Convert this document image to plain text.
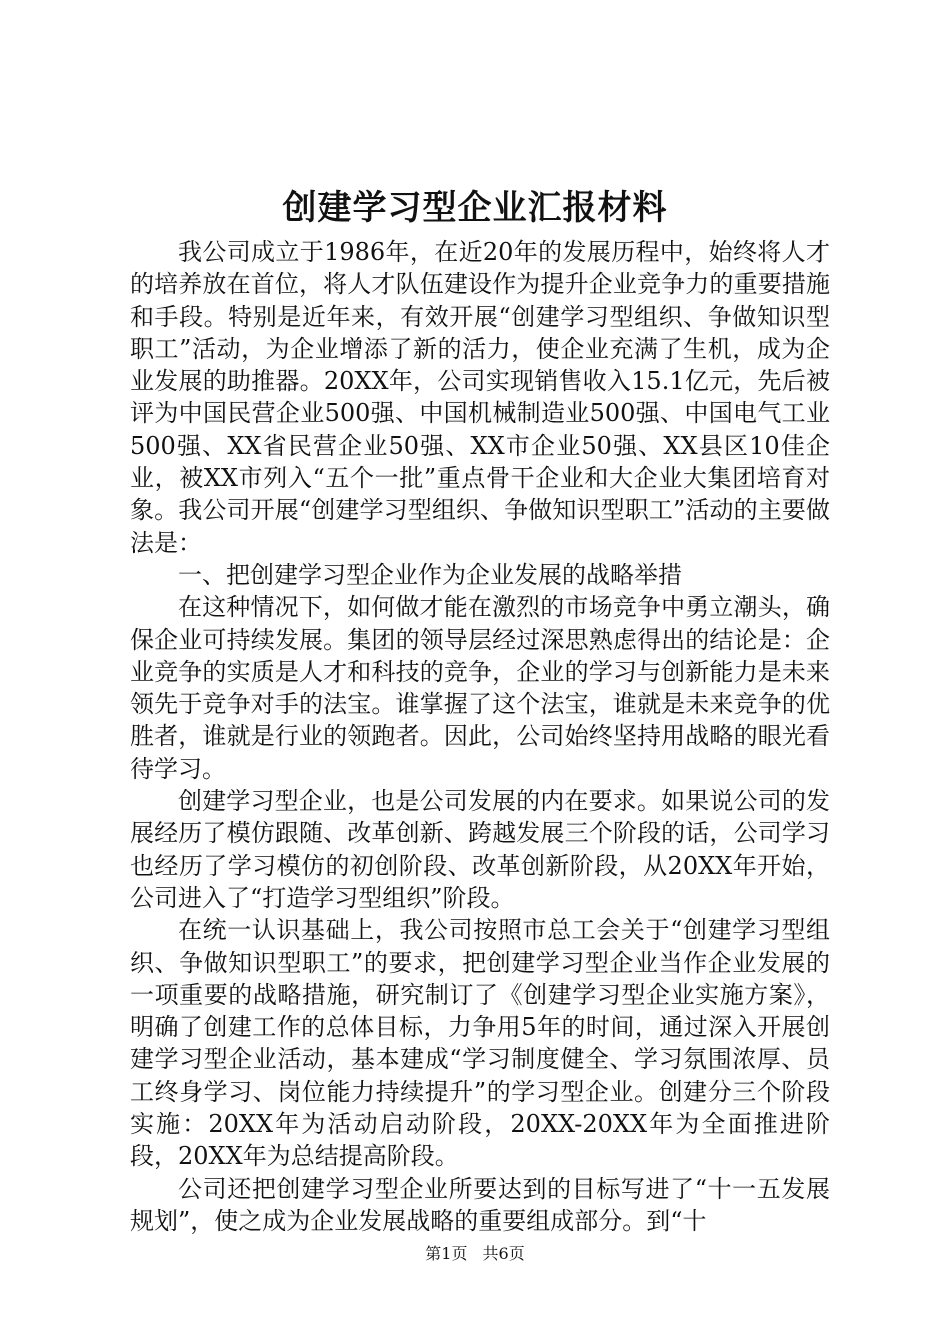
创建学习型企业汇报材料

我公司成立于1986年，在近20年的发展历程中，始终将人才的培养放在首位，将人才队伍建设作为提升企业竞争力的重要措施和手段。特别是近年来，有效开展“创建学习型组织、争做知识型职工”活动，为企业增添了新的活力，使企业充满了生机，成为企业发展的助推器。20XX年，公司实现销售收入15.1亿元，先后被评为中国民营企业500强、中国机械制造业500强、中国电气工业500强、XX省民营企业50强、XX市企业50强、XX县区10佳企业，被XX市列入“五个一批”重点骨干企业和大企业大集团培育对象。我公司开展“创建学习型组织、争做知识型职工”活动的主要做法是：

一、把创建学习型企业作为企业发展的战略举措

在这种情况下，如何做才能在激烈的市场竞争中勇立潮头，确保企业可持续发展。集团的领导层经过深思熟虑得出的结论是：企业竞争的实质是人才和科技的竞争，企业的学习与创新能力是未来领先于竞争对手的法宝。谁掌握了这个法宝，谁就是未来竞争的优胜者，谁就是行业的领跑者。因此，公司始终坚持用战略的眼光看待学习。

创建学习型企业，也是公司发展的内在要求。如果说公司的发展经历了模仿跟随、改革创新、跨越发展三个阶段的话，公司学习也经历了学习模仿的初创阶段、改革创新阶段，从20XX年开始，公司进入了“打造学习型组织”阶段。

在统一认识基础上，我公司按照市总工会关于“创建学习型组织、争做知识型职工”的要求，把创建学习型企业当作企业发展的一项重要的战略措施，研究制订了《创建学习型企业实施方案》，明确了创建工作的总体目标，力争用5年的时间，通过深入开展创建学习型企业活动，基本建成“学习制度健全、学习氛围浓厚、员工终身学习、岗位能力持续提升”的学习型企业。创建分三个阶段实施：20XX年为活动启动阶段，20XX-20XX年为全面推进阶段，20XX年为总结提高阶段。

公司还把创建学习型企业所要达到的目标写进了“十一五发展规划”，使之成为企业发展战略的重要组成部分。到“十

第1页 共6页
